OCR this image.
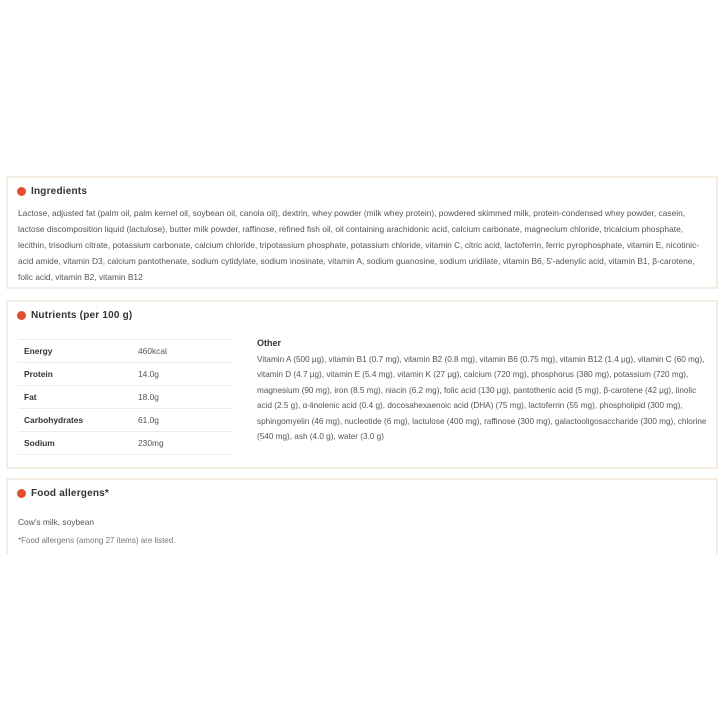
Ingredients
Lactose, adjusted fat (palm oil, palm kernel oil, soybean oil, canola oil), dextrin, whey powder (milk whey protein), powdered skimmed milk, protein-condensed whey powder, casein, lactose discomposition liquid (lactulose), butter milk powder, raffinose, refined fish oil, oil containing arachidonic acid, calcium carbonate, magnecium chloride, tricalcium phosphate, lecithin, trisodium citrate, potassium carbonate, calcium chloride, tripotassium phosphate, potassium chloride, vitamin C, citric acid, lactoferrin, ferric pyrophosphate, vitamin E, nicotinic-acid amide, vitamin D3, calcium pantothenate, sodium cytidylate, sodium inosinate, vitamin A, sodium guanosine, sodium uridilate, vitamin B6, 5'-adenylic acid, vitamin B1, β-carotene, folic acid, vitamin B2, vitamin B12
Nutrients (per 100 g)
Energy	460kcal
Protein	14.0g
Fat	18.0g
Carbohydrates	61.0g
Sodium	230mg
Other
Vitamin A (500 μg), vitamin B1 (0.7 mg), vitamin B2 (0.8 mg), vitamin B6 (0.75 mg), vitamin B12 (1.4 μg), vitamin C (60 mg), vitamin D (4.7 μg), vitamin E (5.4 mg), vitamin K (27 μg), calcium (720 mg), phosphorus (380 mg), potassium (720 mg), magnesium (90 mg), iron (8.5 mg), niacin (6.2 mg), folic acid (130 μg), pantothenic acid (5 mg), β-carotene (42 μg), linolic acid (2.5 g), α-linolenic acid (0.4 g), docosahexaenoic acid (DHA) (75 mg), lactoferrin (55 mg), phospholipid (300 mg), sphingomyelin (46 mg), nucleotide (6 mg), lactulose (400 mg), raffinose (300 mg), galactooligosaccharide (300 mg), chlorine (540 mg), ash (4.0 g), water (3.0 g)
Food allergens*
Cow's milk, soybean
*Food allergens (among 27 items) are listed.
